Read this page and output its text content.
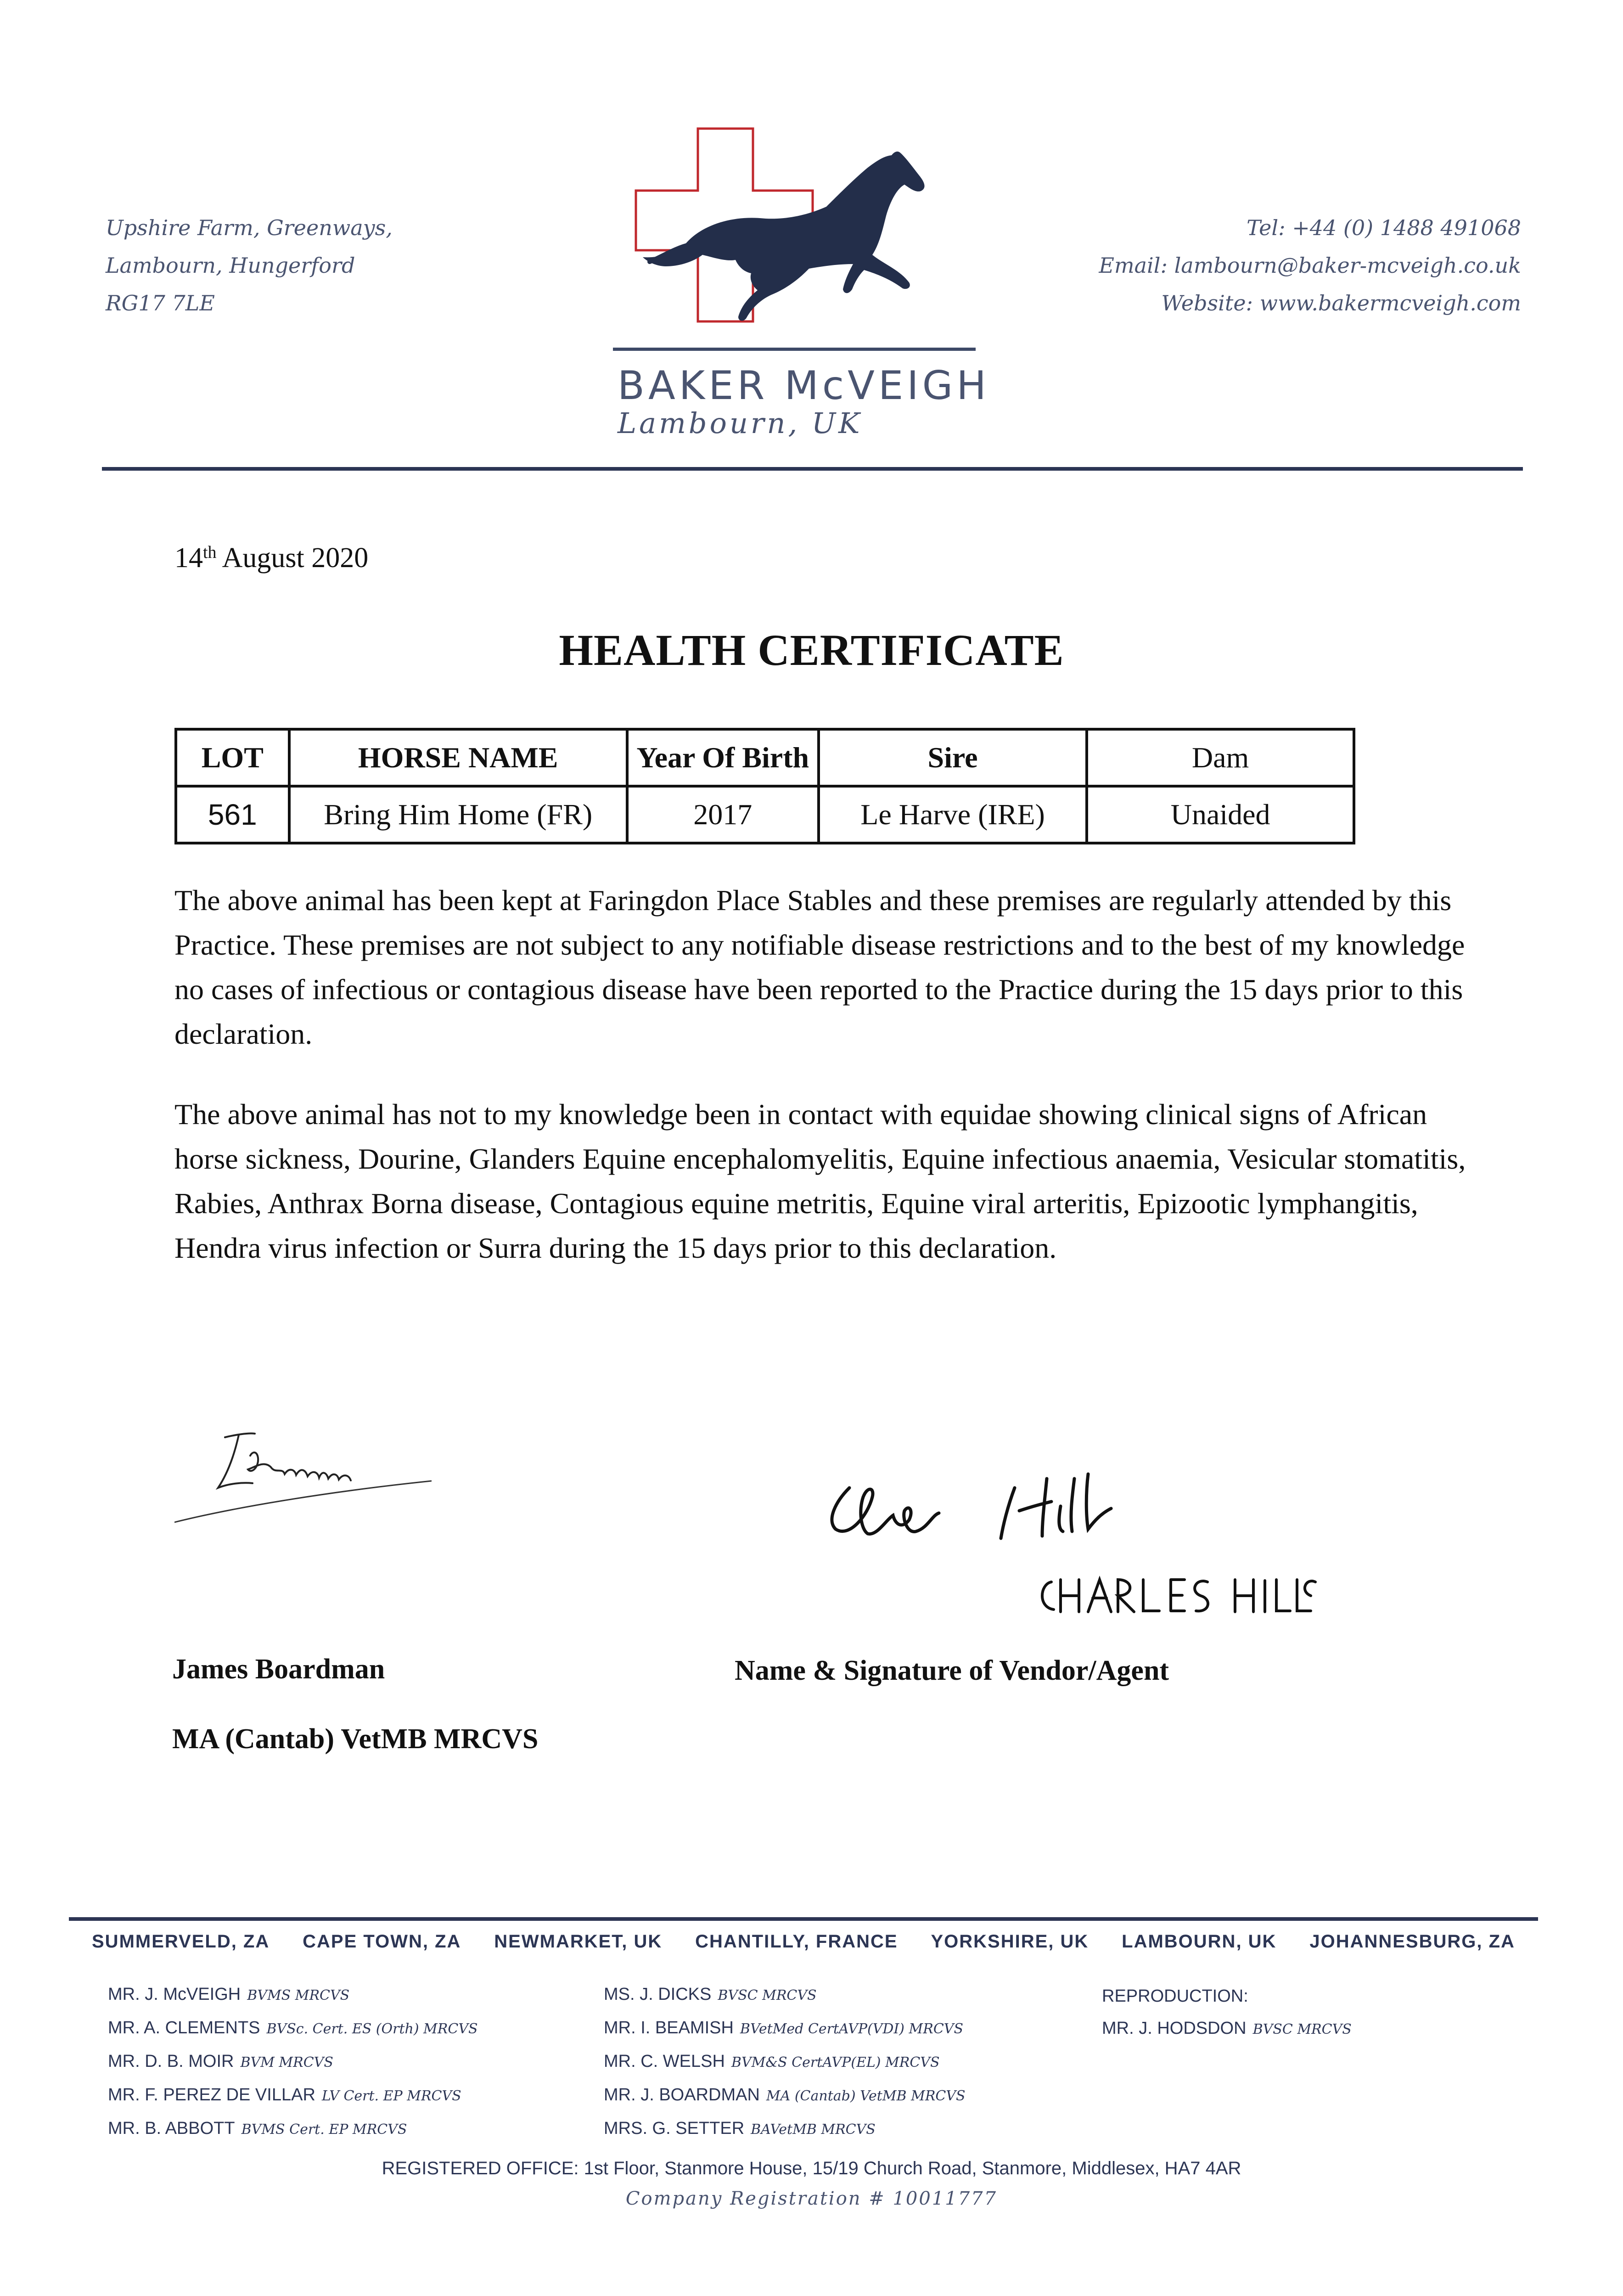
Upshire Farm, Greenways,
Lambourn, Hungerford
RG17 7LE
Tel: +44 (0) 1488 491068
Email: lambourn@baker-mcveigh.co.uk
Website: www.bakermcveigh.com
BAKER McVEIGH
Lambourn, UK
14th August 2020
HEALTH CERTIFICATE
LOT	HORSE NAME	Year Of Birth	Sire	Dam
561	Bring Him Home (FR)	2017	Le Harve (IRE)	Unaided
The above animal has been kept at Faringdon Place Stables and these premises are regularly attended by this Practice. These premises are not subject to any notifiable disease restrictions and to the best of my knowledge no cases of infectious or contagious disease have been reported to the Practice during the 15 days prior to this declaration.
The above animal has not to my knowledge been in contact with equidae showing clinical signs of African horse sickness, Dourine, Glanders Equine encephalomyelitis, Equine infectious anaemia, Vesicular stomatitis, Rabies, Anthrax Borna disease, Contagious equine metritis, Equine viral arteritis, Epizootic lymphangitis, Hendra virus infection or Surra during the 15 days prior to this declaration.
James Boardman
MA (Cantab) VetMB MRCVS
Name & Signature of Vendor/Agent
SUMMERVELD, ZA CAPE TOWN, ZA NEWMARKET, UK CHANTILLY, FRANCE YORKSHIRE, UK LAMBOURN, UK JOHANNESBURG, ZA
MR. J. McVEIGH BVMS MRCVS
MR. A. CLEMENTS BVSc. Cert. ES (Orth) MRCVS
MR. D. B. MOIR BVM MRCVS
MR. F. PEREZ DE VILLAR LV Cert. EP MRCVS
MR. B. ABBOTT BVMS Cert. EP MRCVS
MS. J. DICKS BVSC MRCVS
MR. I. BEAMISH BVetMed CertAVP(VDI) MRCVS
MR. C. WELSH BVM&S CertAVP(EL) MRCVS
MR. J. BOARDMAN MA (Cantab) VetMB MRCVS
MRS. G. SETTER BAVetMB MRCVS
REPRODUCTION:
MR. J. HODSDON BVSC MRCVS
REGISTERED OFFICE: 1st Floor, Stanmore House, 15/19 Church Road, Stanmore, Middlesex, HA7 4AR
Company Registration # 10011777
